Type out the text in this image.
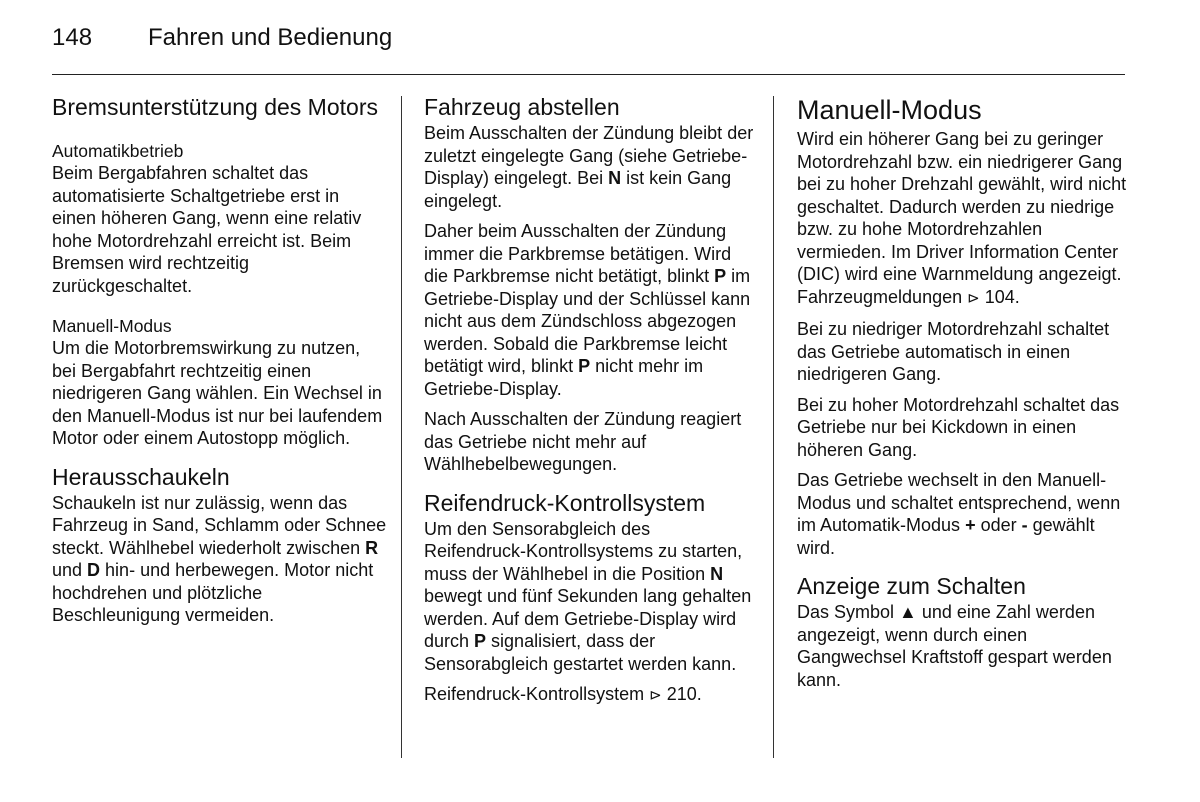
148	Fahren und Bedienung
Bremsunterstützung des Motors
Automatikbetrieb

Beim Bergabfahren schaltet das automatisierte Schaltgetriebe erst in einen höheren Gang, wenn eine relativ hohe Motordrehzahl erreicht ist. Beim Bremsen wird rechtzeitig zurückgeschaltet.

Manuell-Modus

Um die Motorbremswirkung zu nutzen, bei Bergabfahrt rechtzeitig einen niedrigeren Gang wählen. Ein Wechsel in den Manuell-Modus ist nur bei laufendem Motor oder einem Autostopp möglich.

Herausschaukeln

Schaukeln ist nur zulässig, wenn das Fahrzeug in Sand, Schlamm oder Schnee steckt. Wählhebel wiederholt zwischen R und D hin- und herbewegen. Motor nicht hochdrehen und plötzliche Beschleunigung vermeiden.

Fahrzeug abstellen

Beim Ausschalten der Zündung bleibt der zuletzt eingelegte Gang (siehe Getriebe-Display) eingelegt. Bei N ist kein Gang eingelegt.

Daher beim Ausschalten der Zündung immer die Parkbremse betätigen. Wird die Parkbremse nicht betätigt, blinkt P im Getriebe-Display und der Schlüssel kann nicht aus dem Zündschloss abgezogen werden. Sobald die Parkbremse leicht betätigt wird, blinkt P nicht mehr im Getriebe-Display.

Nach Ausschalten der Zündung reagiert das Getriebe nicht mehr auf Wählhebelbewegungen.

Reifendruck-Kontrollsystem

Um den Sensorabgleich des Reifendruck-Kontrollsystems zu starten, muss der Wählhebel in die Position N bewegt und fünf Sekunden lang gehalten werden. Auf dem Getriebe-Display wird durch P signalisiert, dass der Sensorabgleich gestartet werden kann.

Reifendruck-Kontrollsystem ⊳ 210.

Manuell-Modus

Wird ein höherer Gang bei zu geringer Motordrehzahl bzw. ein niedrigerer Gang bei zu hoher Drehzahl gewählt, wird nicht geschaltet. Dadurch werden zu niedrige bzw. zu hohe Motordrehzahlen vermieden. Im Driver Information Center (DIC) wird eine Warnmeldung angezeigt. Fahrzeugmeldungen ⊳ 104.

Bei zu niedriger Motordrehzahl schaltet das Getriebe automatisch in einen niedrigeren Gang.

Bei zu hoher Motordrehzahl schaltet das Getriebe nur bei Kickdown in einen höheren Gang.

Das Getriebe wechselt in den Manuell-Modus und schaltet entsprechend, wenn im Automatik-Modus + oder - gewählt wird.

Anzeige zum Schalten

Das Symbol ▲ und eine Zahl werden angezeigt, wenn durch einen Gangwechsel Kraftstoff gespart werden kann.
